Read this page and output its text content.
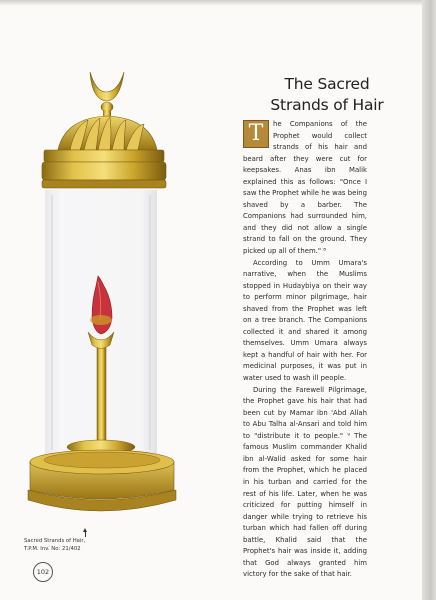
The Sacred
Strands of Hair

T	he Companions of the Prophet would collect strands of his hair and beard after they were cut for keepsakes. Anas ibn Malik explained this as follows: "Once I saw the Prophet while he was being shaved by a barber. The Companions had surrounded him, and they did not allow a single strand to fall on the ground. They picked up all of them." ⁸

According to Umm Umara's narrative, when the Muslims stopped in Hudaybiya on their way to perform minor pilgrimage, hair shaved from the Prophet was left on a tree branch. The Companions collected it and shared it among themselves. Umm Umara always kept a handful of hair with her. For medicinal purposes, it was put in water used to wash ill people.

During the Farewell Pilgrimage, the Prophet gave his hair that had been cut by Mamar ibn 'Abd Allah to Abu Talha al-Ansari and told him to "distribute it to people." ⁹ The famous Muslim commander Khalid ibn al-Walid asked for some hair from the Prophet, which he placed in his turban and carried for the rest of his life. Later, when he was criticized for putting himself in danger while trying to retrieve his turban which had fallen off during battle, Khalid said that the Prophet's hair was inside it, adding that God always granted him victory for the sake of that hair.

Sacred Strands of Hair,
T.P.M. Inv. No: 21/402
102
